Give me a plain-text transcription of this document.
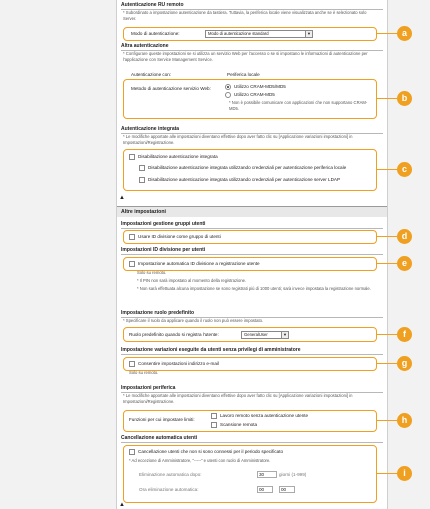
Autenticazione RU remoto
* Subordinato a impostazione autenticazione da tastiera. Tuttavia, la periferica locale viene visualizzata anche se è selezionato solo Server.
Modo di autenticazione:	Modo di autenticazione standard	▼
Altra autenticazione
* Configurare queste impostazioni se si utilizza un servizio Web per l'accesso o se si impostano le informazioni di autenticazione per l'applicazione con Service Management Service.
Autenticazione con:	Periferica locale
Metodo di autenticazione servizio Web:	Utilizzo CRAM-MD5/MD5
Utilizzo CRAM-MD5
* Non è possibile comunicare con applicazioni che non supportano CRAM-MD5.
Autenticazione integrata
* Le modifiche apportate alle impostazioni diventano effettive dopo aver fatto clic su [Applicazione variazioni impostazioni] in Impostazioni/Registrazione.
Disabilitazione autenticazione integrata
Disabilitazione autenticazione integrata utilizzando credenziali per autenticazione periferica locale
Disabilitazione autenticazione integrata utilizzando credenziali per autenticazione server LDAP
▲
Altre impostazioni
Impostazioni gestione gruppi utenti
Usare ID divisione come gruppo di utenti
Impostazioni ID divisione per utenti
Impostazione automatica ID divisione a registrazione utente
Solo su remoto.
* Il PIN non sarà impostato al momento della registrazione.
* Non sarà effettuata alcuna impostazione se sono registrati più di 1000 utenti; sarà invece impostata la registrazione normale.
Impostazione ruolo predefinito
* Specificare il ruolo da applicare quando il ruolo non può essere impostato.
Ruolo predefinito quando si registra l'utente:	GeneralUser	▼
Impostazione variazioni eseguite da utenti senza privilegi di amministratore
Consentire impostazioni indirizzo e-mail
Solo su remoto.
Impostazioni periferica
* Le modifiche apportate alle impostazioni diventano effettive dopo aver fatto clic su [Applicazione variazioni impostazioni] in Impostazioni/Registrazione.
Funzioni per cui impostare limiti:
Lavoro remoto senza autenticazione utente
Scansione remota
Cancellazione automatica utenti
Cancellazione utenti che non si sono connessi per il periodo specificato
* Ad eccezione di Amministratore, "-----" e utenti con ruolo di Amministratore.
Eliminazione automatica dopo:	30	giorni (1-999)
Ora eliminazione automatica:	00	00
▲
a
b
c
d
e
f
g
h
i
